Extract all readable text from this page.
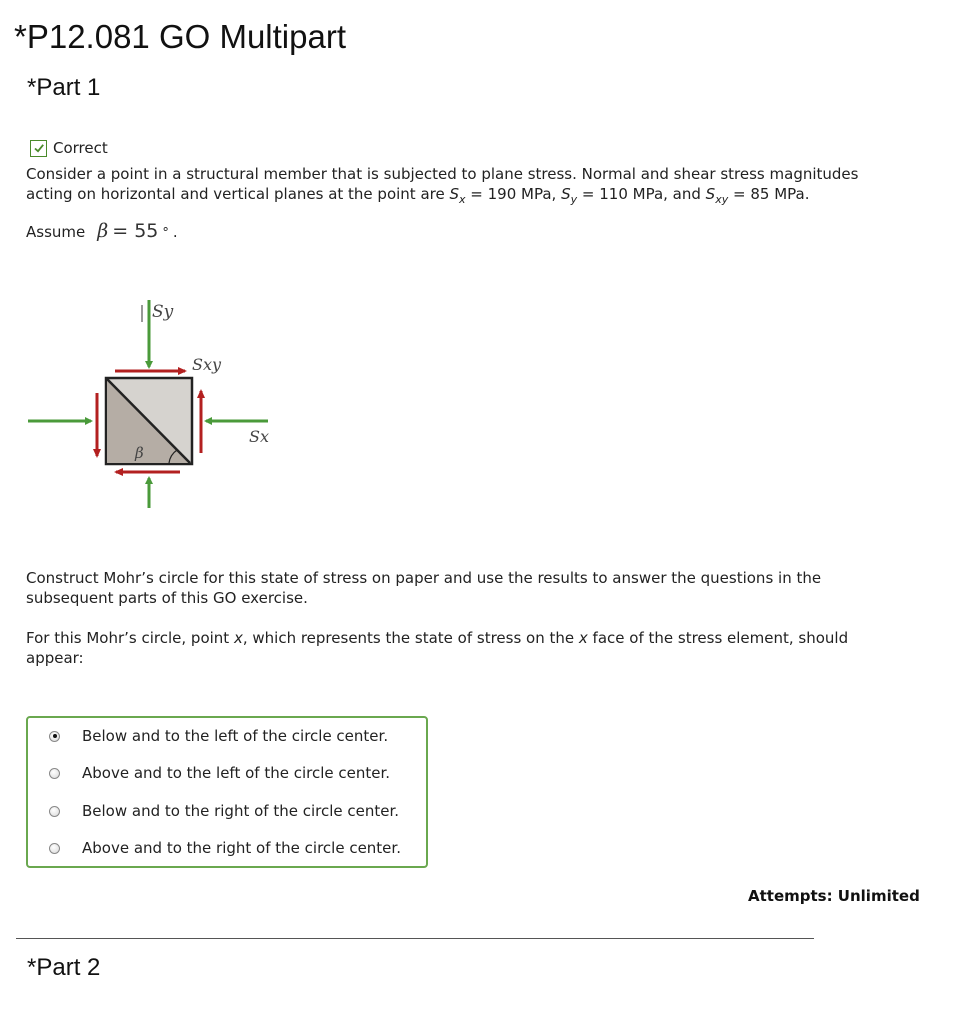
*P12.081 GO Multipart
*Part 1
Correct
Consider a point in a structural member that is subjected to plane stress. Normal and shear stress magnitudes
acting on horizontal and vertical planes at the point are $S_x = 190$ MPa, $S_y = 110$ MPa, and $S_{xy} = 85$ MPa.
Assume β = 55 ° .
β
Sy
Sxy
Sx
Construct Mohr’s circle for this state of stress on paper and use the results to answer the questions in the
subsequent parts of this GO exercise.
For this Mohr’s circle, point x, which represents the state of stress on the x face of the stress element, should
appear:
Below and to the left of the circle center.
Above and to the left of the circle center.
Below and to the right of the circle center.
Above and to the right of the circle center.
Attempts: Unlimited
*Part 2
